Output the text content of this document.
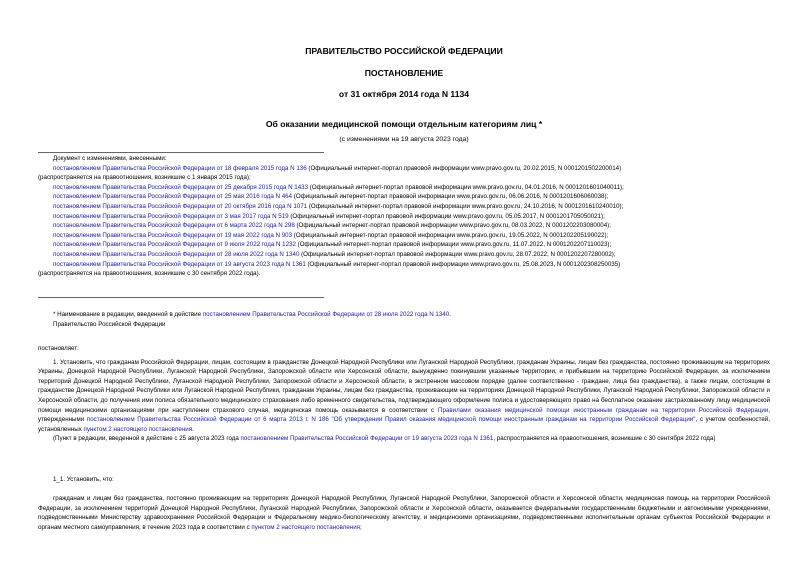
ПРАВИТЕЛЬСТВО РОССИЙСКОЙ ФЕДЕРАЦИИ
ПОСТАНОВЛЕНИЕ
от 31 октября 2014 года N 1134
Об оказании медицинской помощи отдельным категориям лиц *
(с изменениями на 19 августа 2023 года)
Документ с изменениями, внесенными:
постановлением Правительства Российской Федерации от 18 февраля 2015 года N 136 (Официальный интернет-портал правовой информации www.pravo.gov.ru, 20.02.2015, N 0001201502200014)
(распространяется на правоотношения, возникшие с 1 января 2015 года);
постановлением Правительства Российской Федерации от 25 декабря 2015 года N 1433 (Официальный интернет-портал правовой информации www.pravo.gov.ru, 04.01.2016, N 0001201601040011);
постановлением Правительства Российской Федерации от 25 мая 2016 года N 464 (Официальный интернет-портал правовой информации www.pravo.gov.ru, 06.06.2016, N 0001201606060038);
постановлением Правительства Российской Федерации от 20 октября 2016 года N 1071 (Официальный интернет-портал правовой информации www.pravo.gov.ru, 24.10.2016, N 0001201610240010);
постановлением Правительства Российской Федерации от 3 мая 2017 года N 519 (Официальный интернет-портал правовой информации www.pravo.gov.ru, 05.05.2017, N 0001201705050021);
постановлением Правительства Российской Федерации от 6 марта 2022 года N 298 (Официальный интернет-портал правовой информации www.pravo.gov.ru, 08.03.2022, N 0001202203080004);
постановлением Правительства Российской Федерации от 19 мая 2022 года N 903 (Официальный интернет-портал правовой информации www.pravo.gov.ru, 19.05.2022, N 0001202205190022);
постановлением Правительства Российской Федерации от 9 июля 2022 года N 1232 (Официальный интернет-портал правовой информации www.pravo.gov.ru, 11.07.2022, N 0001202207110023);
постановлением Правительства Российской Федерации от 28 июля 2022 года N 1340 (Официальный интернет-портал правовой информации www.pravo.gov.ru, 28.07.2022, N 0001202207280002);
постановлением Правительства Российской Федерации от 19 августа 2023 года N 1361 (Официальный интернет-портал правовой информации www.pravo.gov.ru, 25.08.2023, N 0001202308250035)
(распространяется на правоотношения, возникшие с 30 сентября 2022 года).
* Наименование в редакции, введенной в действие постановлением Правительства Российской Федерации от 28 июля 2022 года N 1340.
Правительство Российской Федерации
постановляет:

1. Установить, что гражданам Российской Федерации, лицам, состоящим в гражданстве Донецкой Народной Республики или Луганской Народной Республики, гражданам Украины, лицам без гражданства, постоянно проживающим на территориях Украины, Донецкой Народной Республики, Луганской Народной Республики, Запорожской области или Херсонской области, вынужденно покинувшим указанные территории, и прибывшим на территорию Российской Федерации, за исключением территорий Донецкой Народной Республики, Луганской Народной Республики, Запорожской области и Херсонской области, в экстренном массовом порядке (далее соответственно - граждане, лица без гражданства), а также лицам, состоящим в гражданстве Донецкой Народной Республики или Луганской Народной Республики, гражданам Украины, лицам без гражданства, проживающим на территориях Донецкой Народной Республики, Луганской Народной Республики, Запорожской области и Херсонской области, до получения ими полиса обязательного медицинского страхования либо временного свидетельства, подтверждающего оформление полиса и удостоверяющего право на бесплатное оказание застрахованному лицу медицинской помощи медицинскими организациями при наступлении страхового случая, медицинская помощь оказывается в соответствии с Правилами оказания медицинской помощи иностранным гражданам на территории Российской Федерации, утвержденными постановлением Правительства Российской Федерации от 6 марта 2013 г. N 186 "Об утверждении Правил оказания медицинской помощи иностранным гражданам на территории Российской Федерации", с учетом особенностей, установленных пунктом 2 настоящего постановления.

(Пункт в редакции, введенной в действие с 25 августа 2023 года постановлением Правительства Российской Федерации от 19 августа 2023 года N 1361, распространяется на правоотношения, возникшие с 30 сентября 2022 года)

1_1. Установить, что:

гражданам и лицам без гражданства, постоянно проживающим на территориях Донецкой Народной Республики, Луганской Народной Республики, Запорожской области и Херсонской области, медицинская помощь на территории Российской Федерации, за исключением территорий Донецкой Народной Республики, Луганской Народной Республики, Запорожской области и Херсонской области, оказывается федеральными государственными бюджетными и автономными учреждениями, подведомственными Министерству здравоохранения Российской Федерации и Федеральному медико-биологическому агентству, и медицинскими организациями, подведомственными исполнительным органам субъектов Российской Федерации и органам местного самоуправления, в течение 2023 года в соответствии с пунктом 2 настоящего постановления;
